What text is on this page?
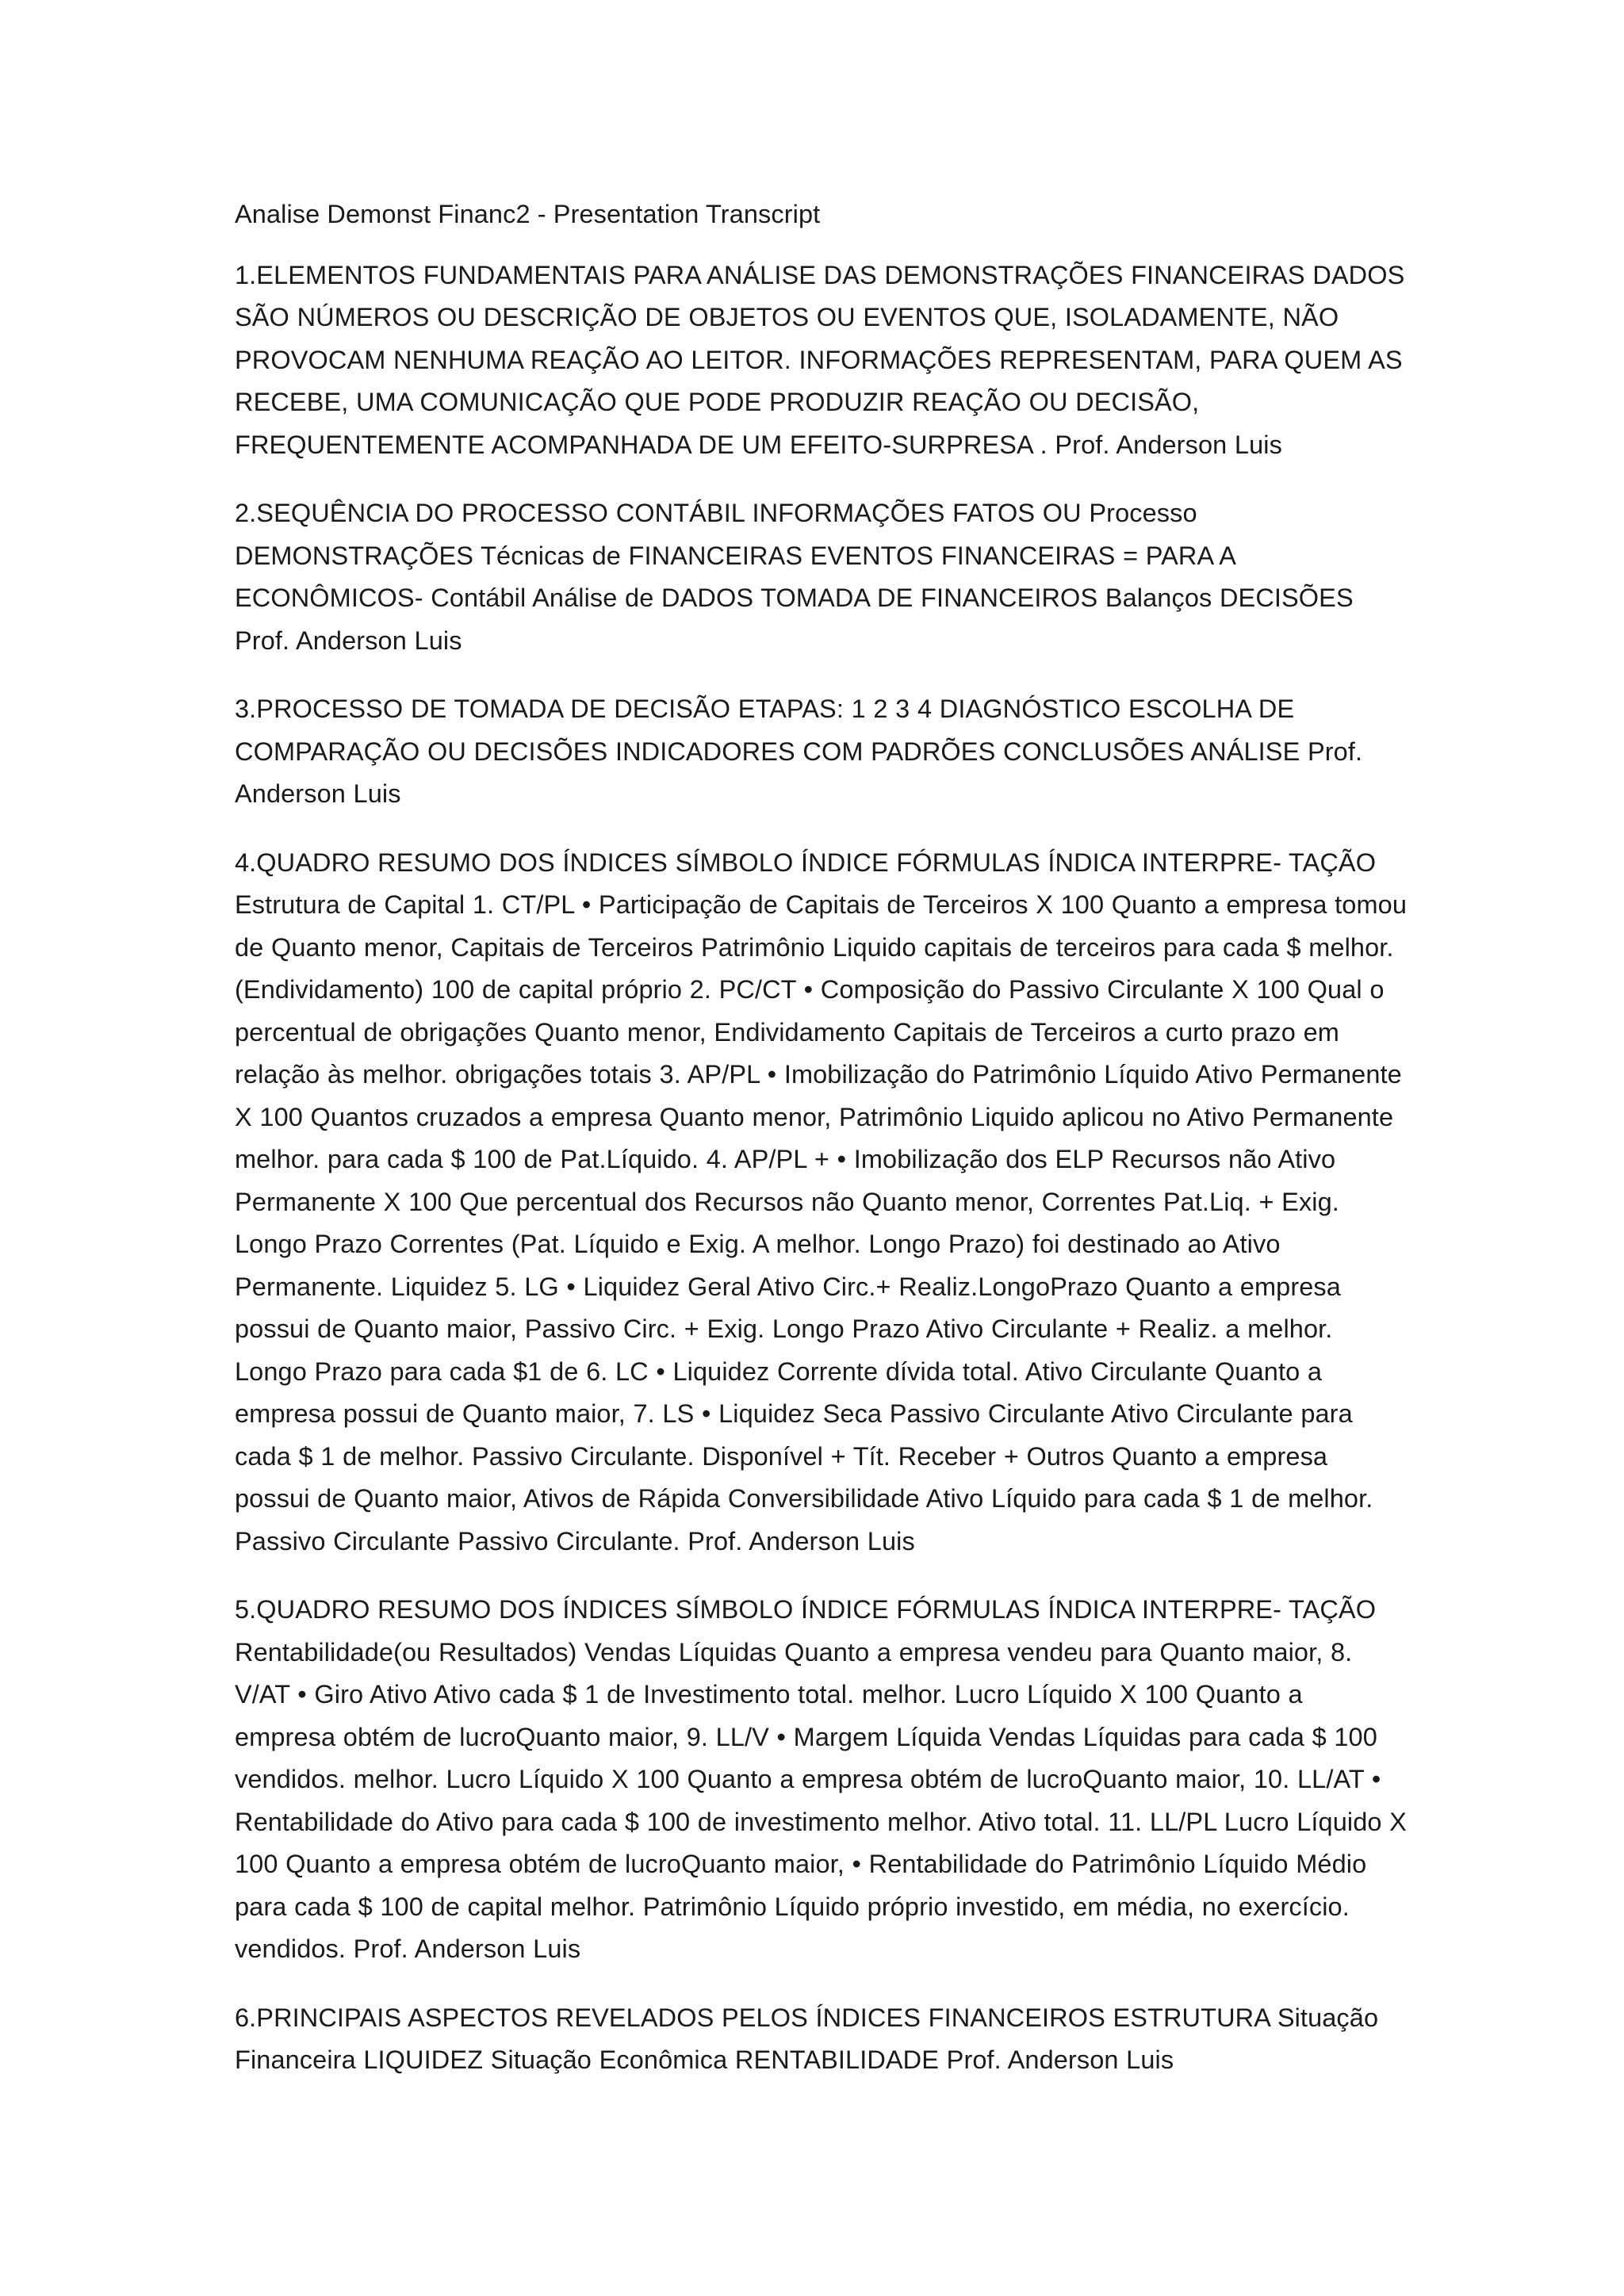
Analise Demonst Financ2 - Presentation Transcript

1.ELEMENTOS FUNDAMENTAIS PARA ANÁLISE DAS DEMONSTRAÇÕES FINANCEIRAS DADOS SÃO NÚMEROS OU DESCRIÇÃO DE OBJETOS OU EVENTOS QUE, ISOLADAMENTE, NÃO PROVOCAM NENHUMA REAÇÃO AO LEITOR. INFORMAÇÕES REPRESENTAM, PARA QUEM AS RECEBE, UMA COMUNICAÇÃO QUE PODE PRODUZIR REAÇÃO OU DECISÃO, FREQUENTEMENTE ACOMPANHADA DE UM EFEITO-SURPRESA . Prof. Anderson Luis

2.SEQUÊNCIA DO PROCESSO CONTÁBIL INFORMAÇÕES FATOS OU Processo DEMONSTRAÇÕES Técnicas de FINANCEIRAS EVENTOS FINANCEIRAS = PARA A ECONÔMICOS- Contábil Análise de DADOS TOMADA DE FINANCEIROS Balanços DECISÕES Prof. Anderson Luis

3.PROCESSO DE TOMADA DE DECISÃO ETAPAS: 1 2 3 4 DIAGNÓSTICO ESCOLHA DE COMPARAÇÃO OU DECISÕES INDICADORES COM PADRÕES CONCLUSÕES ANÁLISE Prof. Anderson Luis

4.QUADRO RESUMO DOS ÍNDICES SÍMBOLO ÍNDICE FÓRMULAS ÍNDICA INTERPRE- TAÇÃO Estrutura de Capital 1. CT/PL • Participação de Capitais de Terceiros X 100 Quanto a empresa tomou de Quanto menor, Capitais de Terceiros Patrimônio Liquido capitais de terceiros para cada $ melhor. (Endividamento) 100 de capital próprio 2. PC/CT • Composição do Passivo Circulante X 100 Qual o percentual de obrigações Quanto menor, Endividamento Capitais de Terceiros a curto prazo em relação às melhor. obrigações totais 3. AP/PL • Imobilização do Patrimônio Líquido Ativo Permanente X 100 Quantos cruzados a empresa Quanto menor, Patrimônio Liquido aplicou no Ativo Permanente melhor. para cada $ 100 de Pat.Líquido. 4. AP/PL + • Imobilização dos ELP Recursos não Ativo Permanente X 100 Que percentual dos Recursos não Quanto menor, Correntes Pat.Liq. + Exig. Longo Prazo Correntes (Pat. Líquido e Exig. A melhor. Longo Prazo) foi destinado ao Ativo Permanente. Liquidez 5. LG • Liquidez Geral Ativo Circ.+ Realiz.LongoPrazo Quanto a empresa possui de Quanto maior, Passivo Circ. + Exig. Longo Prazo Ativo Circulante + Realiz. a melhor. Longo Prazo para cada $1 de 6. LC • Liquidez Corrente dívida total. Ativo Circulante Quanto a empresa possui de Quanto maior, 7. LS • Liquidez Seca Passivo Circulante Ativo Circulante para cada $ 1 de melhor. Passivo Circulante. Disponível + Tít. Receber + Outros Quanto a empresa possui de Quanto maior, Ativos de Rápida Conversibilidade Ativo Líquido para cada $ 1 de melhor. Passivo Circulante Passivo Circulante. Prof. Anderson Luis

5.QUADRO RESUMO DOS ÍNDICES SÍMBOLO ÍNDICE FÓRMULAS ÍNDICA INTERPRE- TAÇÃO Rentabilidade(ou Resultados) Vendas Líquidas Quanto a empresa vendeu para Quanto maior, 8. V/AT • Giro Ativo Ativo cada $ 1 de Investimento total. melhor. Lucro Líquido X 100 Quanto a empresa obtém de lucroQuanto maior, 9. LL/V • Margem Líquida Vendas Líquidas para cada $ 100 vendidos. melhor. Lucro Líquido X 100 Quanto a empresa obtém de lucroQuanto maior, 10. LL/AT • Rentabilidade do Ativo para cada $ 100 de investimento melhor. Ativo total. 11. LL/PL Lucro Líquido X 100 Quanto a empresa obtém de lucroQuanto maior, • Rentabilidade do Patrimônio Líquido Médio para cada $ 100 de capital melhor. Patrimônio Líquido próprio investido, em média, no exercício. vendidos. Prof. Anderson Luis

6.PRINCIPAIS ASPECTOS REVELADOS PELOS ÍNDICES FINANCEIROS ESTRUTURA Situação Financeira LIQUIDEZ Situação Econômica RENTABILIDADE Prof. Anderson Luis
